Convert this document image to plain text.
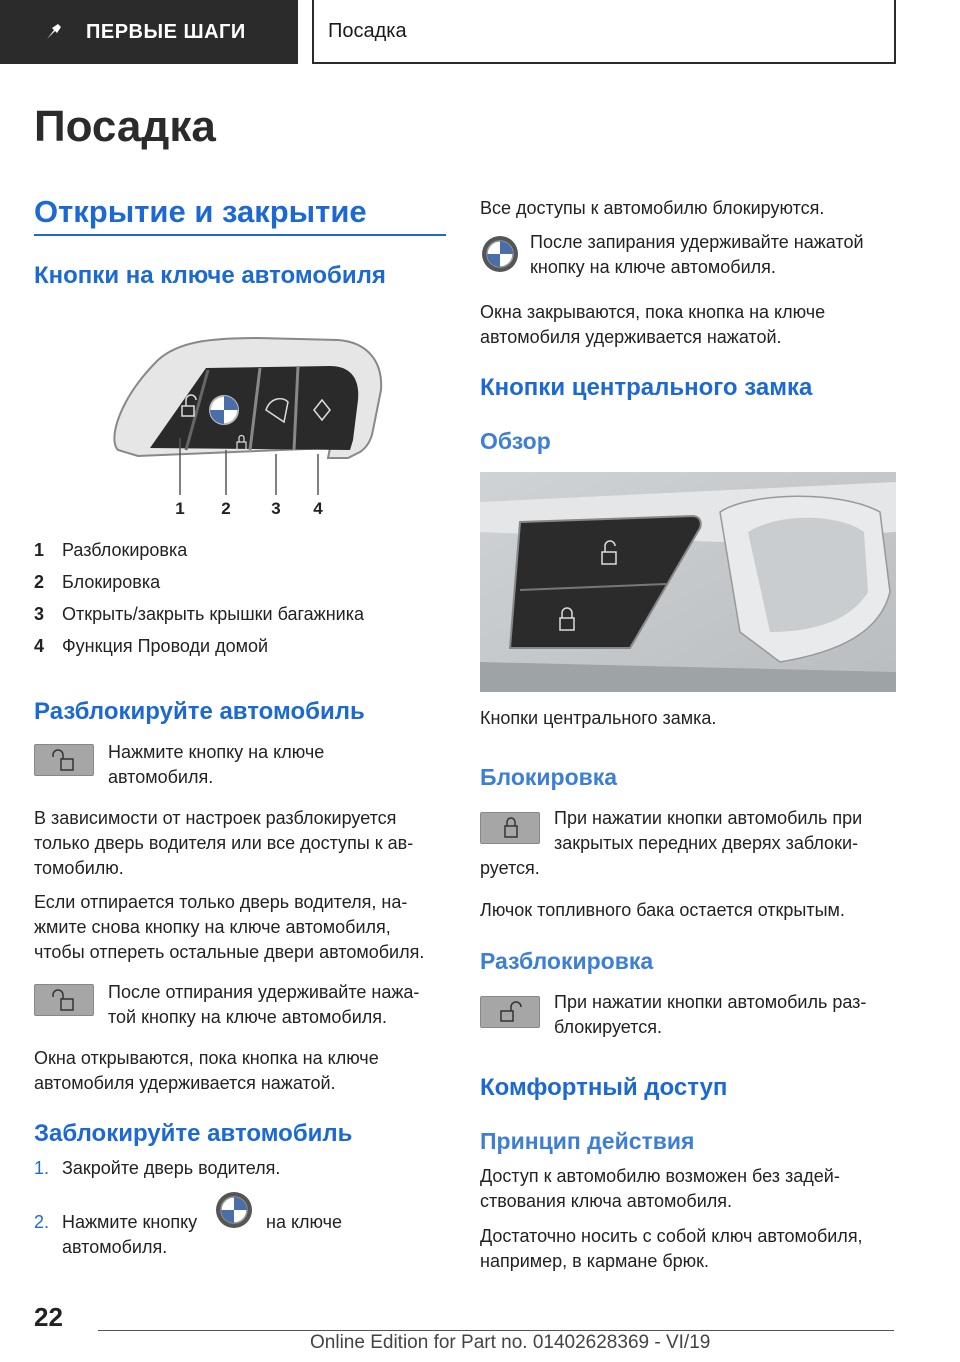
ПЕРВЫЕ ШАГИ	Посадка
Посадка
Открытие и закрытие
Кнопки на ключе автомобиля
1 2 3 4
1 Разблокировка
2 Блокировка
3 Открыть/закрыть крышки багажника
4 Функция Проводи домой
Разблокируйте автомобиль
Нажмите кнопку на ключе
автомобиля.
В зависимости от настроек разблокируется
только дверь водителя или все доступы к ав-
томобилю.
Если отпирается только дверь водителя, на-
жмите снова кнопку на ключе автомобиля,
чтобы отпереть остальные двери автомобиля.
После отпирания удерживайте нажа-
той кнопку на ключе автомобиля.
Окна открываются, пока кнопка на ключе
автомобиля удерживается нажатой.
Заблокируйте автомобиль
1. Закройте дверь водителя.
2. Нажмите кнопку	на ключе
автомобиля.
Все доступы к автомобилю блокируются.
После запирания удерживайте нажатой
кнопку на ключе автомобиля.
Окна закрываются, пока кнопка на ключе
автомобиля удерживается нажатой.
Кнопки центрального замка
Обзор
Кнопки центрального замка.
Блокировка
При нажатии кнопки автомобиль при
закрытых передних дверях заблоки-
руется.
Лючок топливного бака остается открытым.
Разблокировка
При нажатии кнопки автомобиль раз-
блокируется.
Комфортный доступ
Принцип действия
Доступ к автомобилю возможен без задей-
ствования ключа автомобиля.
Достаточно носить с собой ключ автомобиля,
например, в кармане брюк.
22
Online Edition for Part no. 01402628369 - VI/19
